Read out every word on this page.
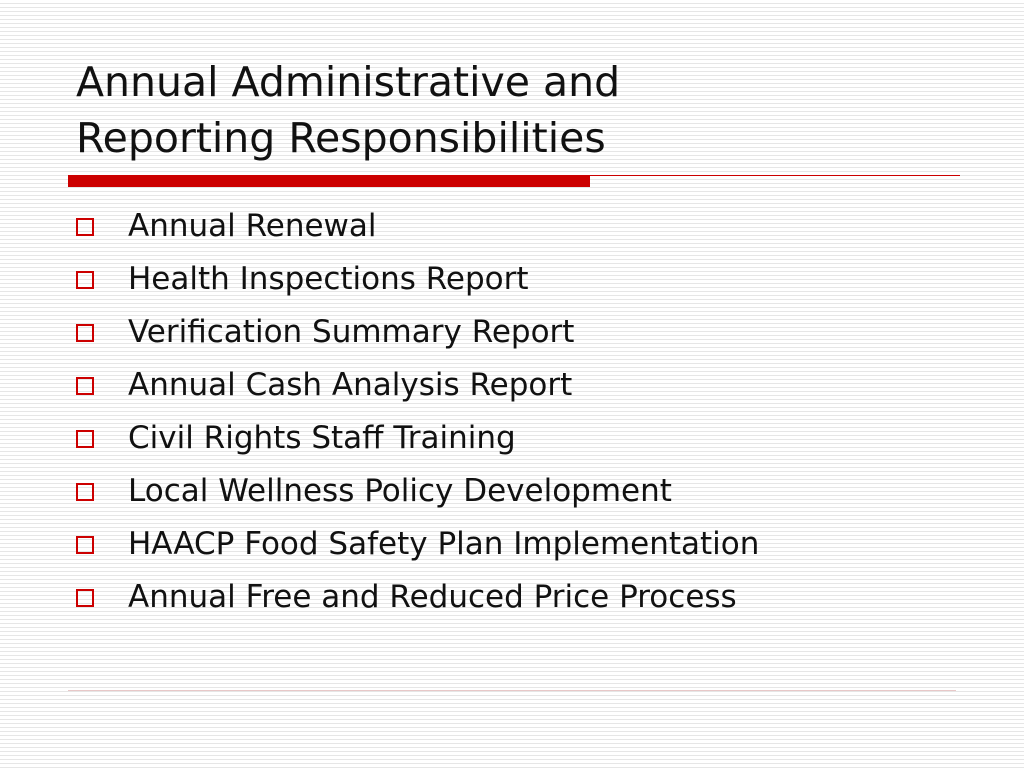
Annual Administrative and
Reporting Responsibilities
Annual Renewal
Health Inspections Report
Verification Summary Report
Annual Cash Analysis Report
Civil Rights Staff Training
Local Wellness Policy Development
HAACP Food Safety Plan Implementation
Annual Free and Reduced Price Process
